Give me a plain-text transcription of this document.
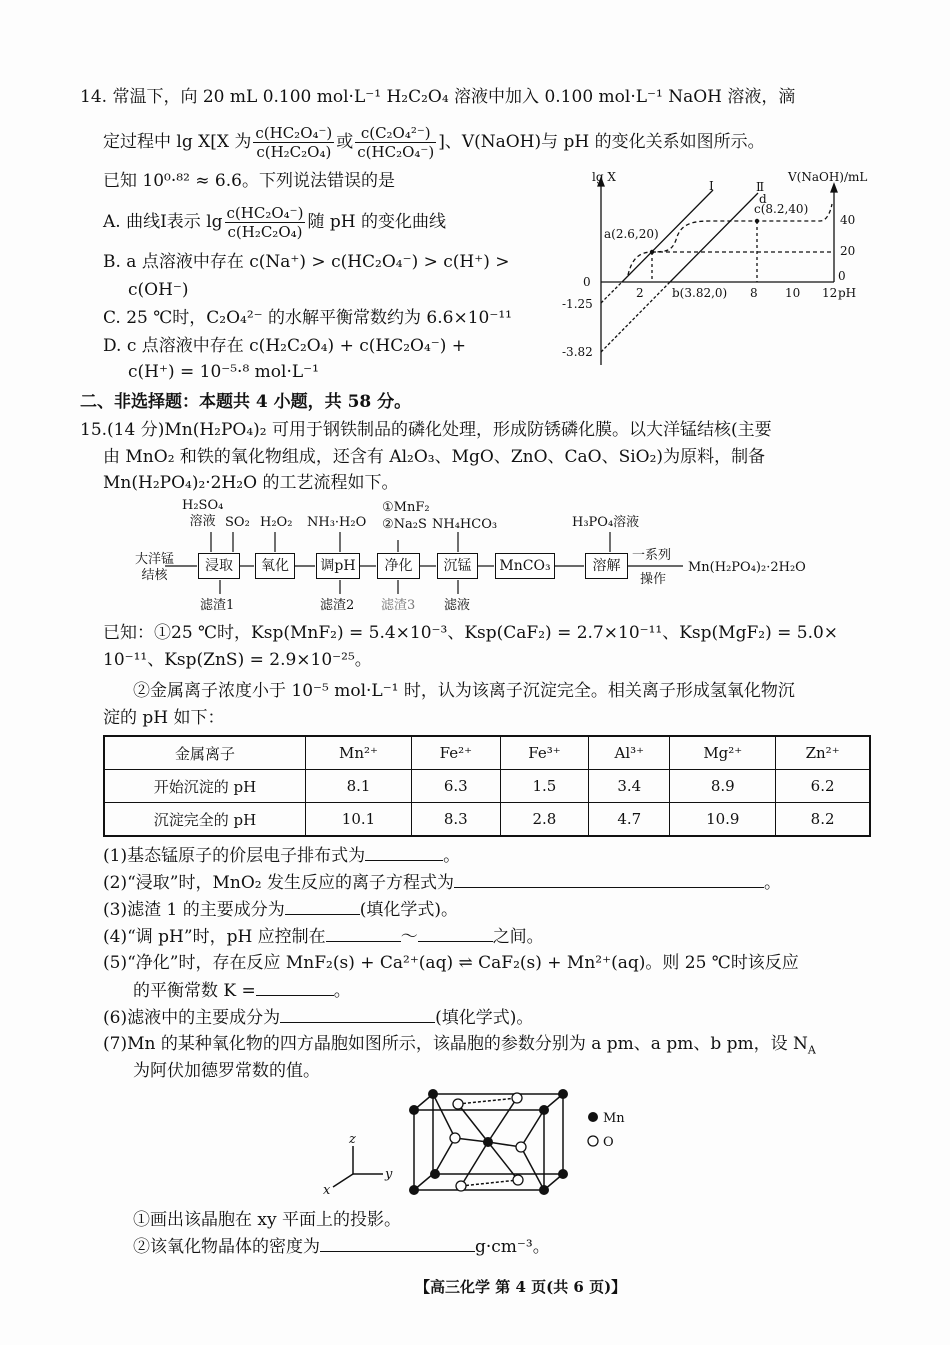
14. 常温下，向 20 mL 0.100 mol·L⁻¹ H₂C₂O₄ 溶液中加入 0.100 mol·L⁻¹ NaOH 溶液，滴
定过程中 lg X[X 为 $\frac{\text{c(HC₂O₄⁻)}}{\text{c(H₂C₂O₄)}}$ 或 $\frac{\text{c(C₂O₄²⁻)}}{\text{c(HC₂O₄⁻)}}$ ]、V(NaOH)与 pH 的变化关系如图所示。
已知 10⁰·⁸² ≈ 6.6。下列说法错误的是
A. 曲线Ⅰ表示 $\lg \frac{\text{c(HC₂O₄⁻)}}{\text{c(H₂C₂O₄)}}$ 随 pH 的变化曲线
B. a 点溶液中存在 c(Na⁺) > c(HC₂O₄⁻) > c(H⁺) >
c(OH⁻)
C. 25 ℃时，C₂O₄²⁻ 的水解平衡常数约为 6.6×10⁻¹¹
D. c 点溶液中存在 c(H₂C₂O₄) + c(HC₂O₄⁻) +
c(H⁺) = 10⁻⁵·⁸ mol·L⁻¹
lg X	V(NaOH)/mL
Ⅰ	Ⅱ
a(2.6,20)
b(3.82,0)
c(8.2,40)
d
0
-1.25
-3.82
40
20
0
2	8 10 12 pH
二、非选择题：本题共 4 小题，共 58 分。
15.(14 分)Mn(H₂PO₄)₂ 可用于钢铁制品的磷化处理，形成防锈磷化膜。以大洋锰结核(主要
由 MnO₂ 和铁的氧化物组成，还含有 Al₂O₃、MgO、ZnO、CaO、SiO₂)为原料，制备
Mn(H₂PO₄)₂·2H₂O 的工艺流程如下。
大洋锰
结核
H₂SO₄
溶液 SO₂ H₂O₂ NH₃·H₂O
①MnF₂
②Na₂S NH₄HCO₃	H₃PO₄溶液
浸取	氧化	调pH	净化	沉锰	MnCO₃	溶解
一系列
操作
Mn(H₂PO₄)₂·2H₂O
滤渣1	滤渣2 滤渣3 滤液
已知：①25 ℃时，Ksp(MnF₂) = 5.4×10⁻³、Ksp(CaF₂) = 2.7×10⁻¹¹、Ksp(MgF₂) = 5.0×
10⁻¹¹、Ksp(ZnS) = 2.9×10⁻²⁵。
②金属离子浓度小于 10⁻⁵ mol·L⁻¹ 时，认为该离子沉淀完全。相关离子形成氢氧化物沉
淀的 pH 如下：
金属离子	Mn²⁺	Fe²⁺	Fe³⁺	Al³⁺	Mg²⁺	Zn²⁺
开始沉淀的 pH	8.1	6.3	1.5	3.4	8.9	6.2
沉淀完全的 pH	10.1	8.3	2.8	4.7	10.9	8.2
(1)基态锰原子的价层电子排布式为	。
(2)“浸取”时，MnO₂ 发生反应的离子方程式为	。
(3)滤渣 1 的主要成分为	(填化学式)。
(4)“调 pH”时，pH 应控制在	～	之间。
(5)“净化”时，存在反应 MnF₂(s) + Ca²⁺(aq) ⇌ CaF₂(s) + Mn²⁺(aq)。则 25 ℃时该反应
的平衡常数 K =	。
(6)滤液中的主要成分为	(填化学式)。
(7)Mn 的某种氧化物的四方晶胞如图所示，该晶胞的参数分别为 a pm、a pm、b pm，设 $N_A$
为阿伏加德罗常数的值。
Mn
O
z
y
x
①画出该晶胞在 xy 平面上的投影。
②该氧化物晶体的密度为	g·cm⁻³。
【高三化学 第 4 页(共 6 页)】
